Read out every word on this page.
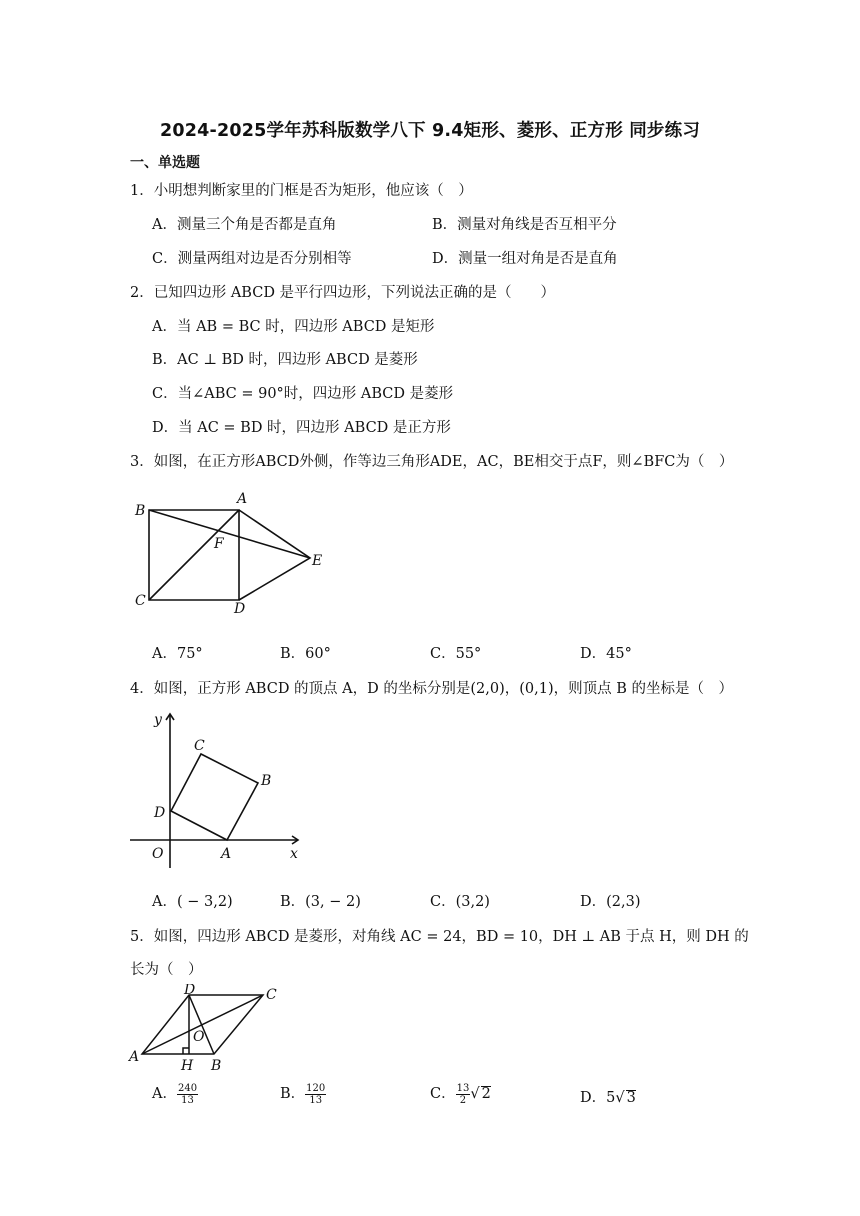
2024-2025学年苏科版数学八下 9.4矩形、菱形、正方形 同步练习
一、单选题
1．小明想判断家里的门框是否为矩形，他应该（　）
A．测量三个角是否都是直角	B．测量对角线是否互相平分
C．测量两组对边是否分别相等	D．测量一组对角是否是直角
2．已知四边形 ABCD 是平行四边形，下列说法正确的是（　　）
A．当 AB = BC 时，四边形 ABCD 是矩形
B．AC ⊥ BD 时，四边形 ABCD 是菱形
C．当∠ABC = 90°时，四边形 ABCD 是菱形
D．当 AC = BD 时，四边形 ABCD 是正方形
3．如图，在正方形ABCD外侧，作等边三角形ADE，AC，BE相交于点F，则∠BFC为（　）
B
A
F
E
C	D
A．75°	B．60°	C．55°	D．45°
4．如图，正方形 ABCD 的顶点 A，D 的坐标分别是(2,0)，(0,1)，则顶点 B 的坐标是（　）
y
C
B
D
O	A	x
A．( − 3,2)	B．(3, − 2)	C．(3,2)	D．(2,3)
5．如图，四边形 ABCD 是菱形，对角线 AC = 24，BD = 10，DH ⊥ AB 于点 H，则 DH 的
长为（　）
D	C
O
A
H B
A． $\frac{240}{13}$	B． $\frac{120}{13}$	C． $\frac{13}{2}$ √ 2	D．5√ 3
